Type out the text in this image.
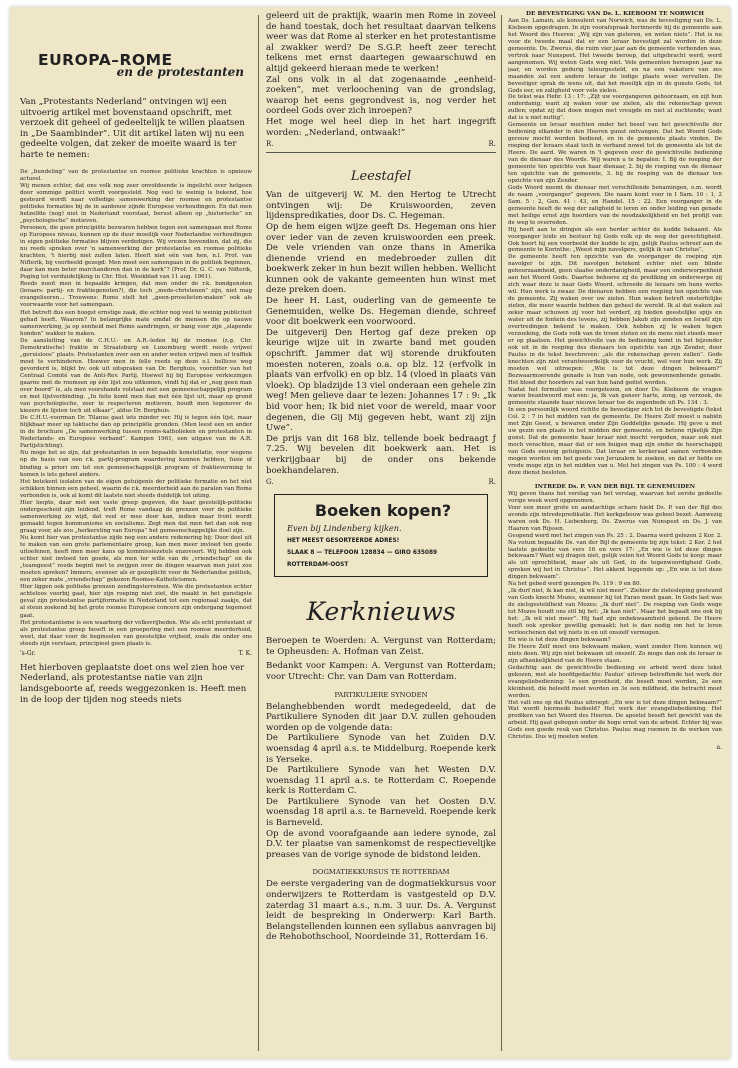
EUROPA–ROME
en de protestanten
Van „Protestants Nederland” ontvingen wij een uitvoerig artikel met bovenstaand opschrift, met verzoek dit geheel of gedeeltelijk te willen plaatsen in „De Saambinder”. Uit dit artikel laten wij nu een gedeelte volgen, dat zeker de moeite waard is ter harte te nemen:

De „bundeling” van de protestantse en roomse politieke krachten is opnieuw actueel.

Wij menen echter, dat ons volk nog zeer onvoldoende is ingelicht over hetgeen door sommige politici wordt voorgesteld. Nog veel te weinig is bekend, hoe gesteurd wordt naar volledige samenwerking der roomse en protestantse politieke formaties bij de in aanbouw zijnde Europese verhoudingen. En dat men hetzelfde (nog) niet in Nederland voorstaat, berust alleen op „historische” en „psychologische” motieven.

Personen, die geen principiële bezwaren hebben tegen een samengaan met Rome op Europees niveau, kunnen op de duur moeilijk voor Nederlandse verhoudingen in eigen politieke formaties blijven verdedigen. Wij vrezen bovendien, dat zij, die nu reeds spreken over 'n samenwerking der protestantse en roomse politieke krachten, 't hierbij niet zullen laten. Heeft niet eén van hen, n.l. Prof. van Nifterik, bij voorbeeld gezegd: Men moet een samengaan in de politiek beginnen, daar kan men beter marchanderen dan in de kerk”? (Prof. Dr. G. C. van Nifterik, Poging tot verduidelijking in Chr. Hist. Weekblad van 11 aug. 1961).

Reeds nooit men in bepaalde kringen, dat men onder de r.k. bondgenoten (leraars: partij- en fraktiegenoten?), die toch „mede-christenen” zijn, niet mag evangeliseren... Trouwens: Rome stelt het „geen-proselieten-maken” ook als voorwaarde voor het samengaan.

Het betreft dus een hoogst ernstige zaak, die echter nog veel te weinig publiciteit gehad heeft. Waarom? In belangrijke mate omdat de mensen die op nauwe samenwerking, ja op eenheid met Rome aandringen, er bang voor zijn „slapende honden” wakker te maken.

De aansluiting van de C.H.U.- en A.R.-leden bij de roomse (z.g. Chr. Demokratische) fraktie in Straatsburg en Luxemburg wordt reeds vrijwel „geruisloos” plaats. Protestanten over een en ander weten vrijwel men of traffiek moet te verhinderen. Hoewer men in felle reeds op deze o.l. hellicee weg gevorderd is, blijkt bv. ook uit uitspraken van Dr. Berghuis, voorzitter van het Centraal Comité van de Anti-Rev. Partij. Hoewel hij bij Europese verkiezingen gaarne met de roomsen op één lijst zou uitkomen, vindt hij dat er „nog geen man over boord” is, als men voorshands volstaat met een gemeenschappelijk program en met lijstverbinding. „In feite komt men dan met één lijst uit, maar op grond van psychologische, zeer te respecteren motieven, houdt men tegenover de kiezers de lijsten toch uit elkaar”, aldus Dr. Berghuis.

De C.H.U.-voorman Dr. Tilanus gaat iets minder ver. Hij is tegen één lijst, maar blijkbaar meer op taktische dan op principiële gronden. (Men leest een en ander in de brochure „De samenwerking tussen rooms-katholieken en protestanten in Nederlands- en Europees verband”. Kampen 1961, een uitgave van de A.R. Partijstichting).

Nu moge het so zijn, dat protestanten in een bepaalde konstellatie, voor wegens op de basis van een r.k. partij-program waardering kunnen hebben, fusie of binding a priori om tot een gemeenschappelijk program of fraktievorming te komen is iets geheel anders.

Het betekent isolaten van de eigen getuigenis der politieke formatie en het niet schikken binnen een geheel, waarin de r.k. meerderheid aan de paralen van Rome verbonden is, ook al komt dit laatste niet steeds duidelijk tot uiting.

Hier loopte, daar met een vaste greep gegeven, die haar geestelijk-politieke ondergescheid zijn leidend, treft Rome vandaag de grenzen voor de politieke samenwerking zo wijd, dat veel er mee door kan, indien maar front wordt gemaakt tegen kommunisme en socialisme. Zegt men dat men het dan ook nog graag voor, als zou „herkersting van Europa” het gemeenschappelijke doel zijn.

Nu komt hier van protestantse zijde nog een andere redenering bij: Door deel uit te maken van een grote parlementaire groep, kan men meer invloed ten goede uitoefenen, heeft men meer kans op kommissiezetels enzovoort. Wij hebben ook echter niet invloed ten goede, als men ter wille van de „vriendschap” en de „teamgeest” reeds begint met te zwijgen over de dingen waarvan men juist zou moeten spreken? Immers, eveneer als er gezoplicht voor de Nederlandse politiek, een zeker mate „vriendschap” gekozen Roomse-Katholicismen.

Hier liggen ook politieke grenzen zendingsterreinen. Wie die protestanten echter achteloos voorbij gaat, hier zijn roeping niet ziet, die maakt in het gunstigste geval zijn protestantse partijformatie in Nederland tot een regionaal zaakje, dat al steun zoekend bij het grote roomse Europese concern zijn ondergang tegemoet gaat.

Het protestantisme is een waarborg der volksvrijheden. Wie als echt protestant of als protestantse groep beseft in een groepering met een roomse meerderheid, weet, dat daar voor de beginselen van geestelijke vrijheid, zoals die onder ons steeds zijn verstaan, principieel geen plaats is.

's-Gr.	T. K.
Het hierboven geplaatste doet ons wel zien hoe ver Nederland, als protestantse natie van zijn landsgeboorte af, reeds weggezonken is. Heeft men in de loop der tijden nog steeds niets
geleerd uit de praktijk, waarin men Rome in zoveel de hand toestak, doch het resultaat daarvan telkens weer was dat Rome al sterker en het protestantisme al zwakker werd? De S.G.P. heeft zeer terecht telkens met ernst daartegen gewaarschuwd en altijd gekeerd hieraan mede te werken!
Zal ons volk in al dat zogenaamde „eenheid-zoeken”, met verloochening van de grondslag, waarop het eens gegrondvest is, nog verder het oordeel Gods over zich inroepen?
Het moge wel heel diep in het hart ingegrift worden: „Nederland, ontwaak!”
R.	R.
Leestafel
Van de uitgeverij W. M. den Hertog te Utrecht ontvingen wij: De Kruiswoorden, zeven lijdenspredikaties, door Ds. C. Hegeman.
Op de hem eigen wijze geeft Ds. Hegeman ons hier over ieder van de zeven kruiswoorden een preek. De vele vrienden van onze thans in Amerika dienende vriend en medebroeder zullen dit boekwerk zeker in hun bezit willen hebben. Wellicht kunnen ook de vakante gemeenten hun winst met deze preken doen.
De heer H. Last, ouderling van de gemeente te Genemuiden, welke Ds. Hegeman diende, schreef voor dit boekwerk een voorwoord.
De uitgeverij Den Hertog gaf deze preken op keurige wijze uit in zwarte band met gouden opschrift. Jammer dat wij storende drukfouten moesten noteren, zoals o.a. op blz. 12 (erfvolk in plaats van erfvolk) en op blz. 14 (vloed in plaats van vloek). Op bladzijde 13 viel onderaan een gehele zin weg! Men gelieve daar te lezen: Johannes 17 : 9: „Ik bid voor hen; Ik bid niet voor de wereld, maar voor degenen, die Gij Mij gegeven hebt, want zij zijn Uwe”.
De prijs van dit 168 blz. tellende boek bedraagt ƒ 7.25. Wij bevelen dit boekwerk aan. Het is verkrijgbaar bij de onder ons bekende boekhandelaren.
G.	R.
Boeken kopen?
Even bij Lindenberg kijken.
HET MEEST GESORTEERDE ADRES!
SLAAK 8 — TELEFOON 128834 — GIRO 635089
ROTTERDAM-OOST
Kerknieuws
Beroepen te Woerden: A. Vergunst van Rotterdam; te Opheusden: A. Hofman van Zeist.
Bedankt voor Kampen: A. Vergunst van Rotterdam; voor Utrecht: Chr. van Dam van Rotterdam.
PARTIKULIERE SYNODEN
Belanghebbenden wordt medegedeeld, dat de Partikuliere Synoden dit jaar D.V. zullen gehouden worden op de volgende data:
De Partikuliere Synode van het Zuiden D.V. woensdag 4 april a.s. te Middelburg. Roepende kerk is Yerseke.
De Partikuliere Synode van het Westen D.V. woensdag 11 april a.s. te Rotterdam C. Roepende kerk is Rotterdam C.
De Partikuliere Synode van het Oosten D.V. woensdag 18 april a.s. te Barneveld. Roepende kerk is Barneveld.
Op de avond voorafgaande aan iedere synode, zal D.V. ter plaatse van samenkomst de respectievelijke preases van de vorige synode de bidstond leiden.
DOGMATIEKKURSUS TE ROTTERDAM
De eerste vergadering van de dogmatiekkursus voor onderwijzers te Rotterdam is vastgesteld op D.V. zaterdag 31 maart a.s., n.m. 3 uur. Ds. A. Vergunst leidt de bespreking in Onderwerp: Karl Barth. Belangstellenden kunnen een syllabus aanvragen bij de Rehobothschool, Noordeinde 31, Rotterdam 16.
DE BEVESTIGING VAN Ds. L. KIEBOOM TE NORWICH
Aan Ds. Lamain, als konsulent van Norwich, was de bevestiging van Ds. L. Kieboom opgedragen. In zijn voorafspraak herinnerde hij de gemeente aan het Woord des Heeren: „Wij zijn van gisteren, en weten niets”. Het is nu voor de tweede maal dat er een leraar bevestigd zal worden in deze gemeente. Ds. Zwerus, die ruim vier jaar aan de gemeente verbonden was, vertrok naar Nunspeet. Het tweede beroep, dat uitgebracht werd, werd aangenomen. Wij weten Gods weg niet. Vele gemeenten beroepen jaar na jaar, en worden gedurig teleurgesteld, en na een vakature van zes maanden zal een andere leraar de ledige plaats weer vervullen. De bevestiger sprak de wens uit, dat het moeilijk zijn in de gunste Gods, tot Gods eer, en zaligheid voor vele zielen.
De tekst was Hebr. 13 : 17: „Zijt uw voorgangeren gehoorzaam, en zijt hun onderdanig; want zij waken voor uw zielen, als die rekenschap geven zullen; opdat zij dat doen mogen met vreugde en niet al zuchtende; want dat is u niet nuttig”.
Gemeente en leraar mochten onder het besef van het gewichtvolle der bediening elkander in den Heeren gunst ontvangen. Dat het Woord Gods gerouw mocht worden bediend, en in de gemeente plaats vinden. De roeping der leraars staat toch in verband nowel tot de gemeente als tot de Heere. De aard. We waren in 't gegeven over de gewichtvolle bediening van de dienaar des Woords. Wij waren u te bepalen: I. Bij de roeping der gemeente ten opzichte van haar dienaar, 2. bij de roeping van de dienaar ten opzichte van de gemeente, 3. bij de roeping van de dienaar ten opzichte van zijn Zender.
Gods Woord noemt de dienaar met verschillende benamingen, o.m. wordt de naam „voorganger” gegeven. Die naam komt voor in I Sam. 10 : 1, 2 Sam. 5 : 2, Gen. 41 : 43, en Handel. 15 : 22. Een voorganger in de gemeente heeft de weg der zaligheid te leren en onder leiding van genade met heilige ernst zijn hoorders van de noodzakelijkheid en het profijt van de weg te overreden.
Hij heeft aan te dringen als een herder achter de kudde bekaamt. Als voorganger leide en bestuur hij Gods volk op de weg der gerechtigheid. Ook hoort hij een voorbeeld der kudde te zijn, gelijk Paulus schreef aan de gemeente te Korinthe: „Weest mijn navolgers, gelijk ik van Christus”.
De gemeente heeft ten opzichte van de voorganger de roeping zijn navolger te zijn. Dit navolgen betekent echter niet een blinde gehoorzaamheid, geen slaafse onderdanigheid, maar een onderworpenheid aan het Woord Gods. Daartoe behoeve zij de prediking en onderwerpe zij zich waar deze is naar Gods Woord, schreede de leraars om huns werks wil. Hun werk is zwaar. De dienaren hebben een roeping ten opzichte van de gemeente. Zij waken over uw zielen. Hun waken betreft onsterfelijke zielen, die meer waarde hebben dan geheel de wereld. Ik al dat waken zal zeker maar schuwen zij voor het verderf, zij hieden geestelijke spijs en water uit de fontein des levens, zij hebben Jakob zijn zonden en Israël zijn overtredingen bekend te maken. Ook hebben zij te waken tegen verzoeking, die Gods volk van de troon stoten en de mens niet steeds meer er op plaatsen. Het gewichtvolle van de bediening komt in het bijzonder ook uit in de roeping des dienaars ten opzichte van zijn Zender, door Paulus in de tekst beschreven: „als die rekenschap geven zullen”. Gods knechten zijn niet verantwoordelijk voor de vrucht, wel voor hun werk. Zij moeten wel uitroepen: „Wie is tot deze dingen bekwaam?” Bezwaarmoerende genade is hun van node, ook gewonnenbende genade. Het bloed der hoorders zal van hun hand geëist worden.
Nadat het formulier was voorgelezen, en door Ds. Kieboom de vragen waren beantwoord met een: ja, Ik van ganser harte, zong, op verzoek, de gemeente staande haar nieuwe leraar toe de zegenbede uit Ps. 134 : 3.
In een persoonlijk woord richtte de bevestiger zich tot de bevestigde (tekst Col. 2 : 7 in het midden van de gemeente. De Heere Zelf moest u nabiën met Zijn Geest, u bewaren onder Zijn Goddelijke genade. Hij geve u met uw gezin een plaats in het midden der gemeente, en betone rijkelijk Zijn gunst. Dat de gemeente haar leraar niet mocht vergoden, maar ook niet moch verachten, maar dat er een buigen mag zijn onder de heerschappij van Gods eeuwig getuigenis. Dat leraar en kerkeraad samen verbonden mogen worden om het goede van Jeruzalem te zoeken, en dat er liefde en vrede moge zijn in het midden van u. Met het zingen van Ps. 100 : 4 werd deze dienst besloten.
INTREDE Ds. P. VAN DER BIJL TE GENEMUIDEN
Wij geven thans het verslag van het verslag, waarvan het eerste gedeelte vorige week werd opgenomen.
Voor een meer grote en aandachtige schare hield Ds. P. van der Bijl des avonds zijn intredepredikatie. Het kerkgebouw was geheel bezet. Aanwezig waren ook Ds. H. Liebenberg, Ds. Zwerus van Nunspeet en Ds. J. van Haaren van Rijssen.
Geopend werd met het zingen van Ps. 25 : 2. Daarna werd gelezen 2 Kor. 2. Na votum bepaalde Ds. van der Bijl de gemeente bij zijn tekst: 2 Kor. 2 het laatste gedeelte van vers 16 en vers 17: „En wie is tot deze dingen bekwaam? Want wij dragen niet, gelijk velen het Woord Gods te koop: maar als uit oprechtheid, maar als uit God, in de tegenwoordigheid Gods, spreken wij het in Christus”. Het akkent leggende op: „En wie is tot deze dingen bekwaam”.
Na het gebed werd gezongen Ps. 119 : 9 en 80.
„Ik durf niet, ik kan niet, ik wil niet meer”. Ziehier de zielesleping gesteund van Gods knecht Mozes, wanneer hij tot Farao moet gaan. In Gods last was de zielsgesteldheid van Mozes: „Ik durf niet”. De roeping van Gods wege tot Mozes houdt ons stil bij het: „Ik kan niet”. Maar het bepaalt ons ook bij het: „Ik wil niet meer”. Hij had zijn onbekwaamheid gekend. De Heere heeft ook spreker gewillig gemaakt; het is dan nodig om het te leren verloochenen dat wij niets in en uit onszelf vermogen.
En wie is tot deze dingen bekwaam?
De Heere Zelf moet ons bekwaam maken, want zonder Hem kunnen wij niets doen. Wij zijn niet bekwaam uit onszelf. Zo moge dan ook de leraar in zijn afhankelijkheid van de Heere staan.
Gedachtig aan de gewichtvolle bediening en arbeid werd deze tekst gekozen, met als hoofdgedachte: Paulus' uitroep betreffende het werk der evangeliebediening: 1e een grootheid, die beseft moet worden, 2e een kleinheid, die beleefd moet worden en 3e een mildheid, die betracht moet worden.
Het valt ons op dat Paulus uitroept: „En wie is tot deze dingen bekwaam?” Wat wordt hiermede bedoeld? Het werk der evangeliebediening. Het prediken van het Woord des Heeren. De apostel beseft het gewicht van de arbeid. Hij gaat gebogen onder de hoge ernst van de arbeid. Echter bij was Gods een goede reuk van Christus. Paulus mag roemen in de werken van Christus. Dus wij moeten weten
a.
